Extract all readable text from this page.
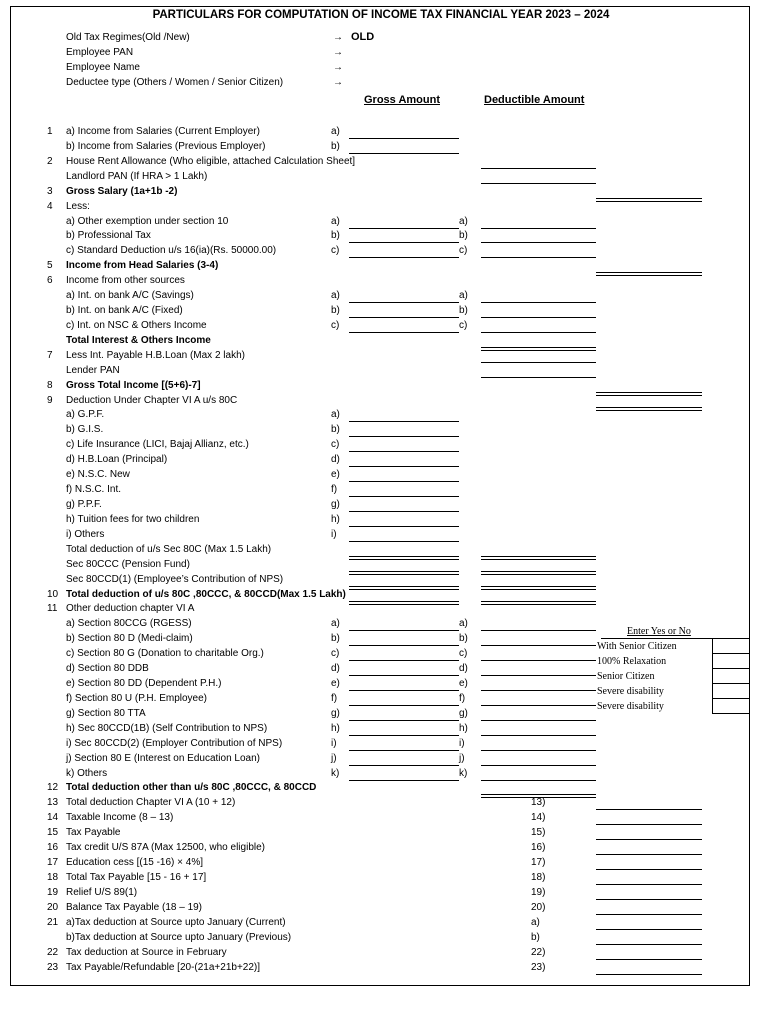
PARTICULARS FOR COMPUTATION OF INCOME TAX FINANCIAL YEAR 2023 – 2024
Old Tax Regimes(Old /New)	→ OLD
Employee PAN	→
Employee Name	→
Deductee type (Others / Women / Senior Citizen)	→
Gross Amount	Deductible Amount
1 a) Income from Salaries (Current Employer)	a)
b) Income from Salaries (Previous Employer)	b)
2 House Rent Allowance (Who eligible, attached Calculation Sheet]
Landlord PAN (If HRA > 1 Lakh)
3 Gross Salary (1a+1b -2)
4 Less:
a) Other exemption under section 10	a)	a)
b) Professional Tax	b)	b)
c) Standard Deduction u/s 16(ia)(Rs. 50000.00)	c)	c)
5 Income from Head Salaries (3-4)
6 Income from other sources
a) Int. on bank A/C (Savings)	a)	a)
b) Int. on bank A/C (Fixed)	b)	b)
c) Int. on NSC & Others Income	c)	c)
Total Interest & Others Income
7 Less Int. Payable H.B.Loan (Max 2 lakh)
Lender PAN
8 Gross Total Income [(5+6)-7]
9 Deduction Under Chapter VI A u/s 80C
a) G.P.F.	a)
b) G.I.S.	b)
c) Life Insurance (LICI, Bajaj Allianz, etc.)	c)
d) H.B.Loan (Principal)	d)
e) N.S.C. New	e)
f) N.S.C. Int.	f)
g) P.P.F.	g)
h) Tuition fees for two children	h)
i) Others	i)
Total deduction of u/s Sec 80C (Max 1.5 Lakh)
Sec 80CCC (Pension Fund)
Sec 80CCD(1) (Employee’s Contribution of NPS)
10 Total deduction of u/s 80C ,80CCC, & 80CCD(Max 1.5 Lakh)
11 Other deduction chapter VI A
a) Section 80CCG (RGESS)	a)	a)
b) Section 80 D (Medi-claim)	b)	b)
c) Section 80 G (Donation to charitable Org.)	c)	c)
d) Section 80 DDB	d)	d)
e) Section 80 DD (Dependent P.H.)	e)	e)
f) Section 80 U (P.H. Employee)	f)	f)
g) Section 80 TTA	g)	g)
h) Sec 80CCD(1B) (Self Contribution to NPS)	h)	h)
i) Sec 80CCD(2) (Employer Contribution of NPS)	i)	i)
j) Section 80 E (Interest on Education Loan)	j)	j)
k) Others	k)	k)
12 Total deduction other than u/s 80C ,80CCC, & 80CCD
13 Total deduction Chapter VI A (10 + 12)	13)
14 Taxable Income (8 – 13)	14)
15 Tax Payable	15)
16 Tax credit U/S 87A (Max 12500, who eligible)	16)
17 Education cess [(15 -16) × 4%]	17)
18 Total Tax Payable [15 - 16 + 17]	18)
19 Relief U/S 89(1)	19)
20 Balance Tax Payable (18 – 19)	20)
21 a)Tax deduction at Source upto January (Current)	a)
b)Tax deduction at Source upto January (Previous)	b)
22 Tax deduction at Source in February	22)
23 Tax Payable/Refundable [20-(21a+21b+22)]	23)
Enter Yes or No
With Senior Citizen
100% Relaxation
Senior Citizen
Severe disability
Severe disability
